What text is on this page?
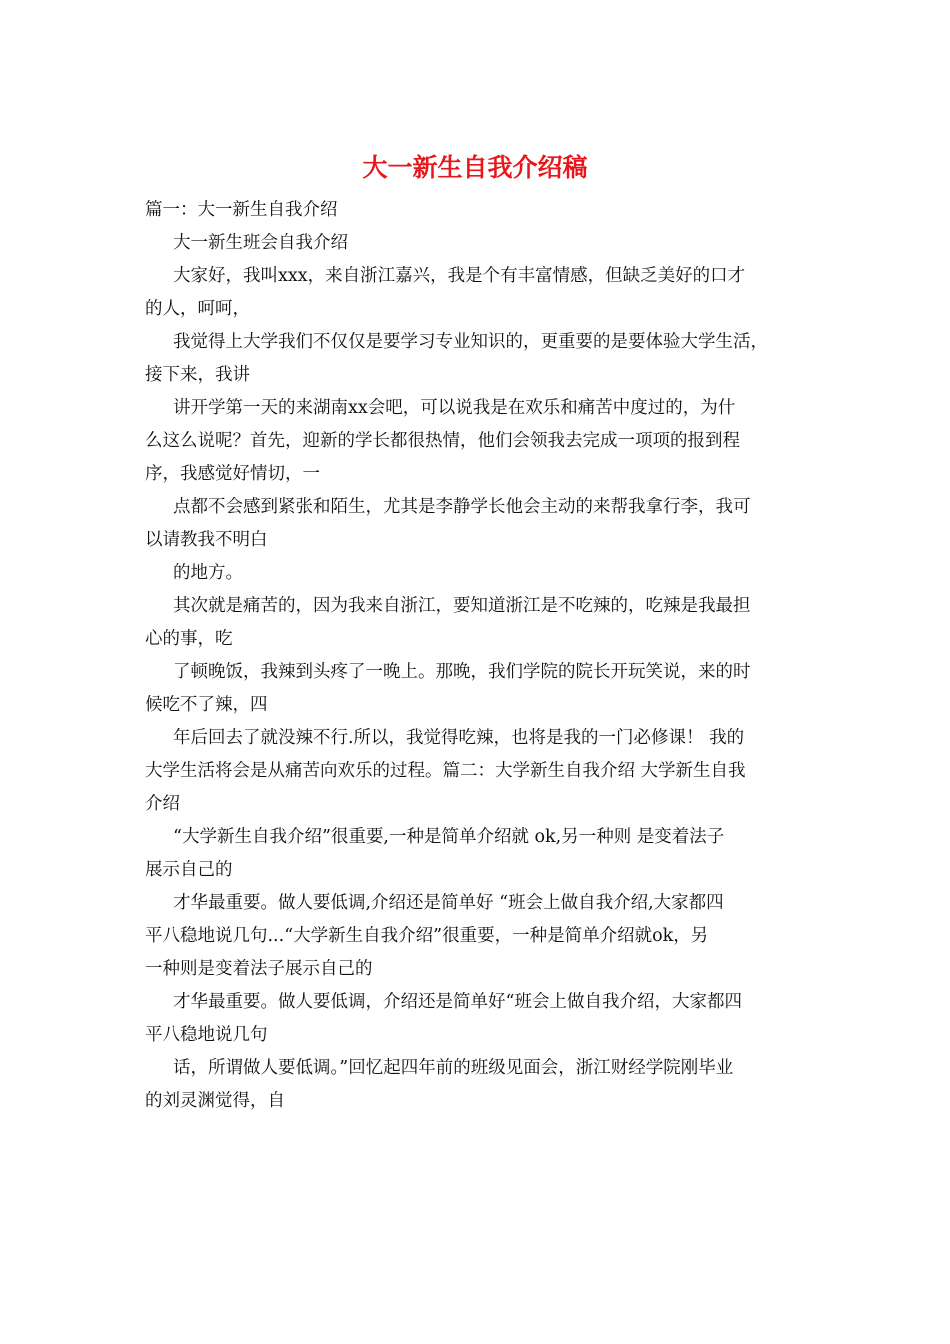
大一新生自我介绍稿

篇一：大一新生自我介绍

大一新生班会自我介绍

大家好，我叫xxx，来自浙江嘉兴，我是个有丰富情感，但缺乏美好的口才

的人，呵呵，

我觉得上大学我们不仅仅是要学习专业知识的，更重要的是要体验大学生活，

接下来，我讲

讲开学第一天的来湖南xx会吧，可以说我是在欢乐和痛苦中度过的，为什

么这么说呢？首先，迎新的学长都很热情，他们会领我去完成一项项的报到程

序，我感觉好情切，一

点都不会感到紧张和陌生，尤其是李静学长他会主动的来帮我拿行李，我可

以请教我不明白

的地方。

其次就是痛苦的，因为我来自浙江，要知道浙江是不吃辣的，吃辣是我最担

心的事，吃

了顿晚饭，我辣到头疼了一晚上。那晚，我们学院的院长开玩笑说，来的时

候吃不了辣，四

年后回去了就没辣不行.所以，我觉得吃辣，也将是我的一门必修课！ 我的

大学生活将会是从痛苦向欢乐的过程。篇二：大学新生自我介绍 大学新生自我

介绍

“大学新生自我介绍”很重要,一种是简单介绍就 ok,另一种则 是变着法子

展示自己的

才华最重要。做人要低调,介绍还是简单好 “班会上做自我介绍,大家都四

平八稳地说几句...“大学新生自我介绍”很重要，一种是简单介绍就ok，另

一种则是变着法子展示自己的

才华最重要。做人要低调，介绍还是简单好“班会上做自我介绍，大家都四

平八稳地说几句

话，所谓做人要低调。”回忆起四年前的班级见面会，浙江财经学院刚毕业

的刘灵渊觉得，自
